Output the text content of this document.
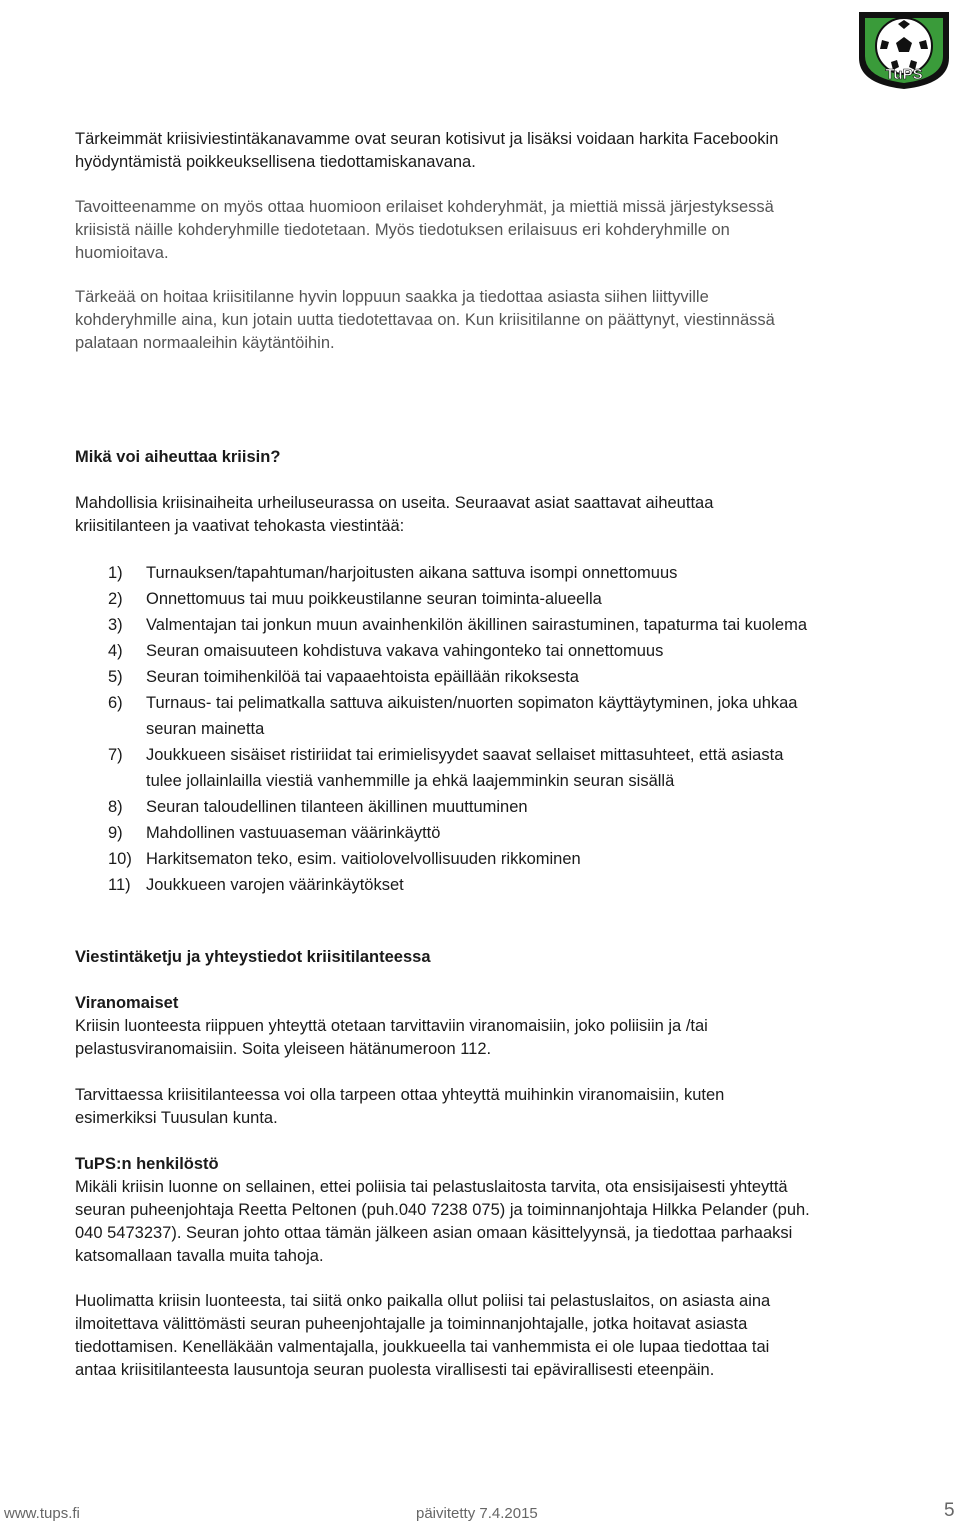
TuPS

Tärkeimmät kriisiviestintäkanavamme ovat seuran kotisivut ja lisäksi voidaan harkita Facebookin

hyödyntämistä poikkeuksellisena tiedottamiskanavana.

Tavoitteenamme on myös ottaa huomioon erilaiset kohderyhmät, ja miettiä missä järjestyksessä

kriisistä näille kohderyhmille tiedotetaan. Myös tiedotuksen erilaisuus eri kohderyhmille on

huomioitava.

Tärkeää on hoitaa kriisitilanne hyvin loppuun saakka ja tiedottaa asiasta siihen liittyville

kohderyhmille aina, kun jotain uutta tiedotettavaa on. Kun kriisitilanne on päättynyt, viestinnässä

palataan normaaleihin käytäntöihin.

Mikä voi aiheuttaa kriisin?

Mahdollisia kriisinaiheita urheiluseurassa on useita. Seuraavat asiat saattavat aiheuttaa

kriisitilanteen ja vaativat tehokasta viestintää:

1) Turnauksen/tapahtuman/harjoitusten aikana sattuva isompi onnettomuus
2) Onnettomuus tai muu poikkeustilanne seuran toiminta-alueella
3) Valmentajan tai jonkun muun avainhenkilön äkillinen sairastuminen, tapaturma tai kuolema
4) Seuran omaisuuteen kohdistuva vakava vahingonteko tai onnettomuus
5) Seuran toimihenkilöä tai vapaaehtoista epäillään rikoksesta
6) Turnaus- tai pelimatkalla sattuva aikuisten/nuorten sopimaton käyttäytyminen, joka uhkaa
seuran mainetta
7) Joukkueen sisäiset ristiriidat tai erimielisyydet saavat sellaiset mittasuhteet, että asiasta
tulee jollainlailla viestiä vanhemmille ja ehkä laajemminkin seuran sisällä
8) Seuran taloudellinen tilanteen äkillinen muuttuminen
9) Mahdollinen vastuuaseman väärinkäyttö
10) Harkitsematon teko, esim. vaitiolovelvollisuuden rikkominen
11) Joukkueen varojen väärinkäytökset
Viestintäketju ja yhteystiedot kriisitilanteessa
Viranomaiset

Kriisin luonteesta riippuen yhteyttä otetaan tarvittaviin viranomaisiin, joko poliisiin ja /tai

pelastusviranomaisiin. Soita yleiseen hätänumeroon 112.

Tarvittaessa kriisitilanteessa voi olla tarpeen ottaa yhteyttä muihinkin viranomaisiin, kuten

esimerkiksi Tuusulan kunta.

TuPS:n henkilöstö

Mikäli kriisin luonne on sellainen, ettei poliisia tai pelastuslaitosta tarvita, ota ensisijaisesti yhteyttä

seuran puheenjohtaja Reetta Peltonen (puh.040 7238 075) ja toiminnanjohtaja Hilkka Pelander (puh.

040 5473237). Seuran johto ottaa tämän jälkeen asian omaan käsittelyynsä, ja tiedottaa parhaaksi

katsomallaan tavalla muita tahoja.

Huolimatta kriisin luonteesta, tai siitä onko paikalla ollut poliisi tai pelastuslaitos, on asiasta aina

ilmoitettava välittömästi seuran puheenjohtajalle ja toiminnanjohtajalle, jotka hoitavat asiasta

tiedottamisen. Kenelläkään valmentajalla, joukkueella tai vanhemmista ei ole lupaa tiedottaa tai

antaa kriisitilanteesta lausuntoja seuran puolesta virallisesti tai epävirallisesti eteenpäin.

www.tups.fi	päivitetty 7.4.2015	5
